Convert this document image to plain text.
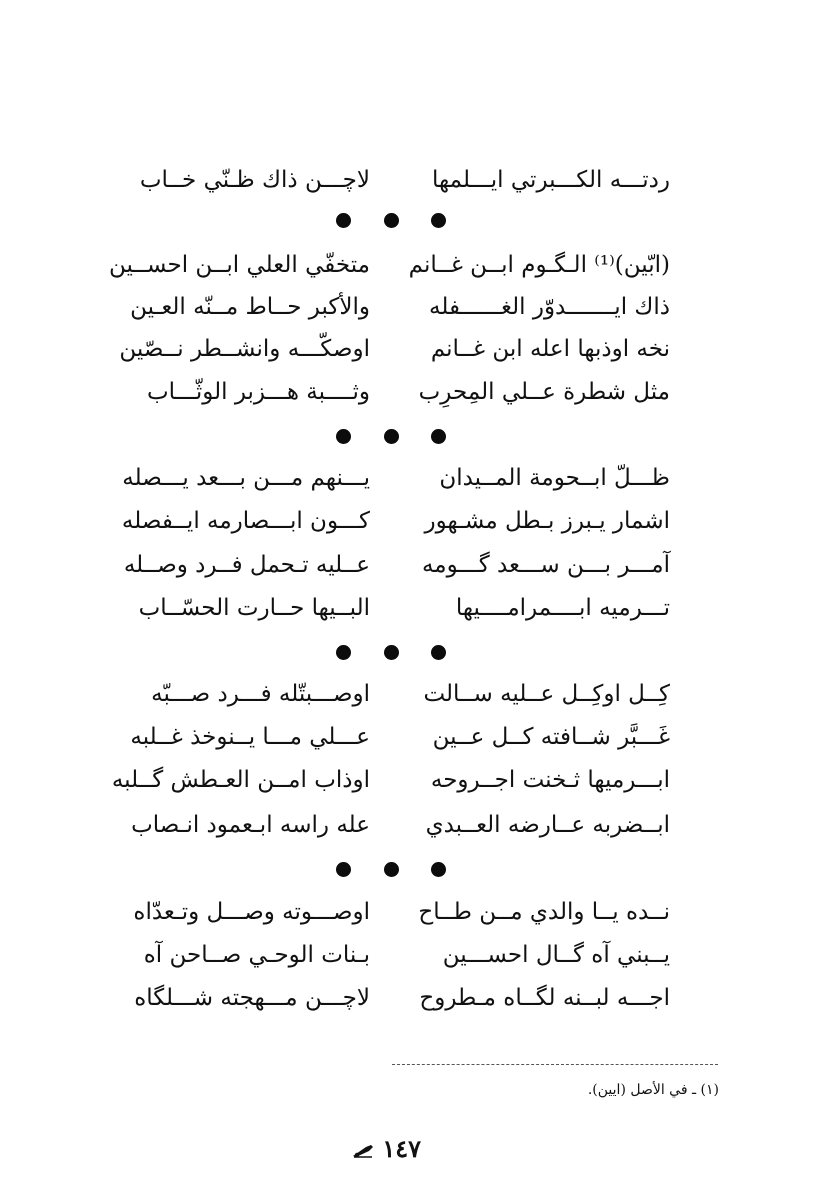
ردتـــه الكـــبرتي ايـــلمها
لاچـــن ذاك ظـنّي خــاب
(ابّين)⁽¹⁾ الـگـوم ابــن غــانم
متخفّي العلي ابــن احســين
ذاك ايـــــــدوّر الغــــــفله
والأكبر حــاط مــنّه العـين
نخه اوذبها اعله ابن غــانم
اوصكّـــه وانشــطر نــصّين
مثل شطرة عــلي المِحرِب
وثــــبة هـــزبر الوثّـــاب
ظـــلّ ابــحومة المــيدان
يـــنهم مـــن بـــعد يـــصله
اشمار يـبرز بـطل مشـهور
كـــون ابـــصارمه ايــفصله
آمـــر بـــن ســـعد گـــومه
عــليه تـحمل فــرد وصــله
تـــرميه ابــــمرامــــيها
البــيها حــارت الحسّــاب
كِــل اوكِــل عــليه ســالت
اوصـــبتّله فـــرد صـــبّه
غَـــبَّر شــافته كــل عــين
عـــلي مـــا يــنوخذ غــلبه
ابـــرميها ثـخنت اجــروحه
اوذاب امــن العـطش گــلبه
ابــضربه عــارضه العــبدي
عله راسه ابـعمود انـصاب
نــده يــا والدي مــن طــاح
اوصـــوته وصـــل وتـعدّاه
يــبني آه گــال احســـين
بـنات الوحـي صــاحن آه
اجـــه لبــنه لگــاه مـطروح
لاچـــن مـــهجته شـــلگاه
(١) ـ في الأصل (ايين).
١٤٧
